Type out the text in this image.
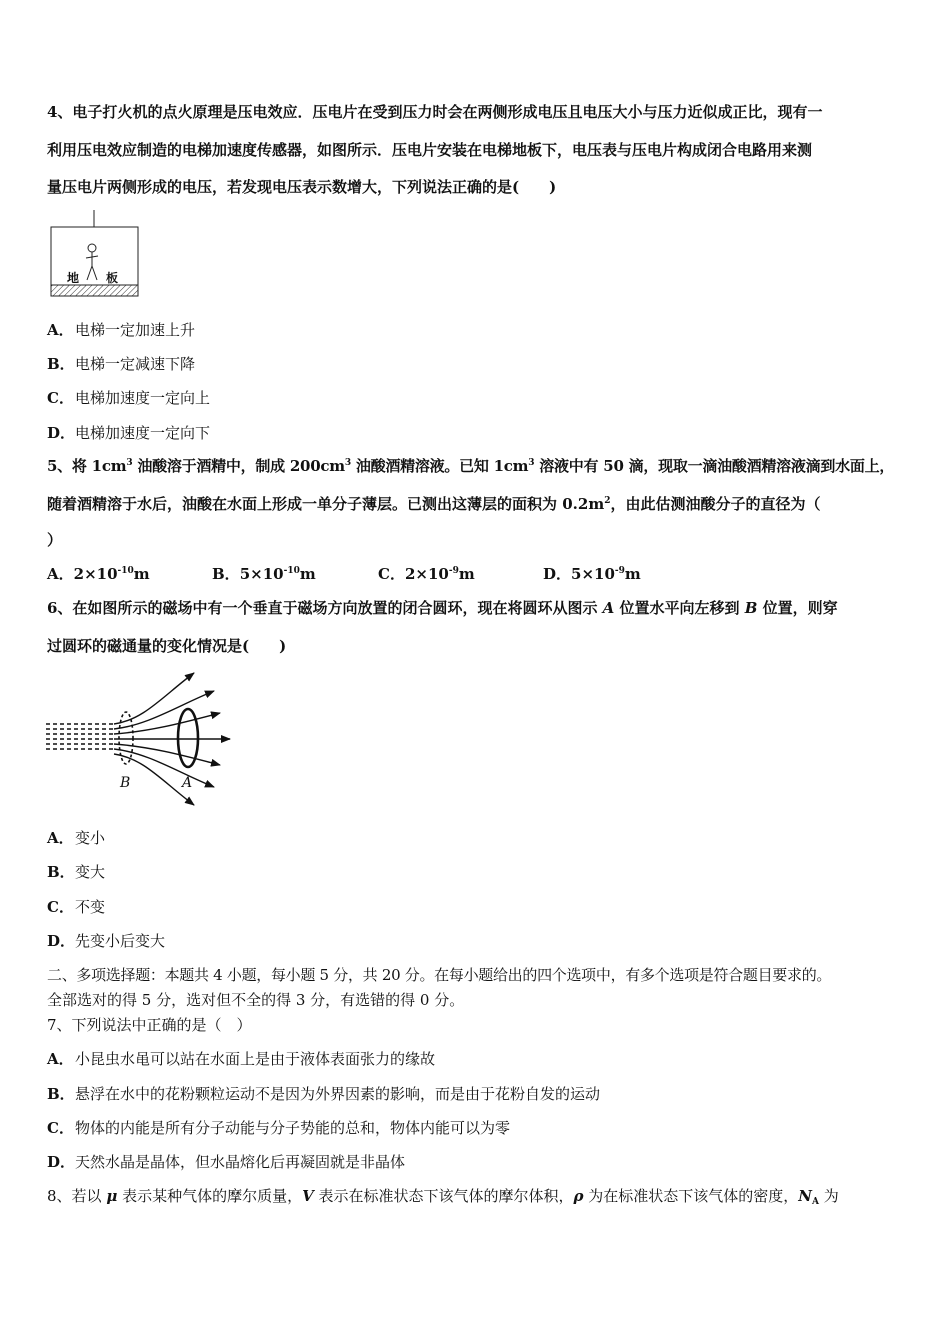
4、电子打火机的点火原理是压电效应．压电片在受到压力时会在两侧形成电压且电压大小与压力近似成正比，现有一
利用压电效应制造的电梯加速度传感器，如图所示．压电片安装在电梯地板下，电压表与压电片构成闭合电路用来测
量压电片两侧形成的电压，若发现电压表示数增大，下列说法正确的是(　　)
地 板
A．电梯一定加速上升
B．电梯一定减速下降
C．电梯加速度一定向上
D．电梯加速度一定向下
5、将 $1cm^3$ 油酸溶于酒精中，制成 $200cm^3$ 油酸酒精溶液。已知 $1cm^3$ 溶液中有 50 滴，现取一滴油酸酒精溶液滴到水面上，
随着酒精溶于水后，油酸在水面上形成一单分子薄层。已测出这薄层的面积为 $0.2m^2$，由此估测油酸分子的直径为（
）
A．$2\times 10^{-10}m$	B．$5\times 10^{-10}m$	C．$2\times 10^{-9}m$	D．$5\times 10^{-9}m$
6、在如图所示的磁场中有一个垂直于磁场方向放置的闭合圆环，现在将圆环从图示 A 位置水平向左移到 B 位置，则穿
过圆环的磁通量的变化情况是(　　)
B	A
A．变小
B．变大
C．不变
D．先变小后变大
二、多项选择题：本题共 4 小题，每小题 5 分，共 20 分。在每小题给出的四个选项中，有多个选项是符合题目要求的。
全部选对的得 5 分，选对但不全的得 3 分，有选错的得 0 分。
7、下列说法中正确的是（　）
A．小昆虫水黾可以站在水面上是由于液体表面张力的缘故
B．悬浮在水中的花粉颗粒运动不是因为外界因素的影响，而是由于花粉自发的运动
C．物体的内能是所有分子动能与分子势能的总和，物体内能可以为零
D．天然水晶是晶体，但水晶熔化后再凝固就是非晶体
8、若以 μ 表示某种气体的摩尔质量，V 表示在标准状态下该气体的摩尔体积，ρ 为在标准状态下该气体的密度，$N_A$ 为
